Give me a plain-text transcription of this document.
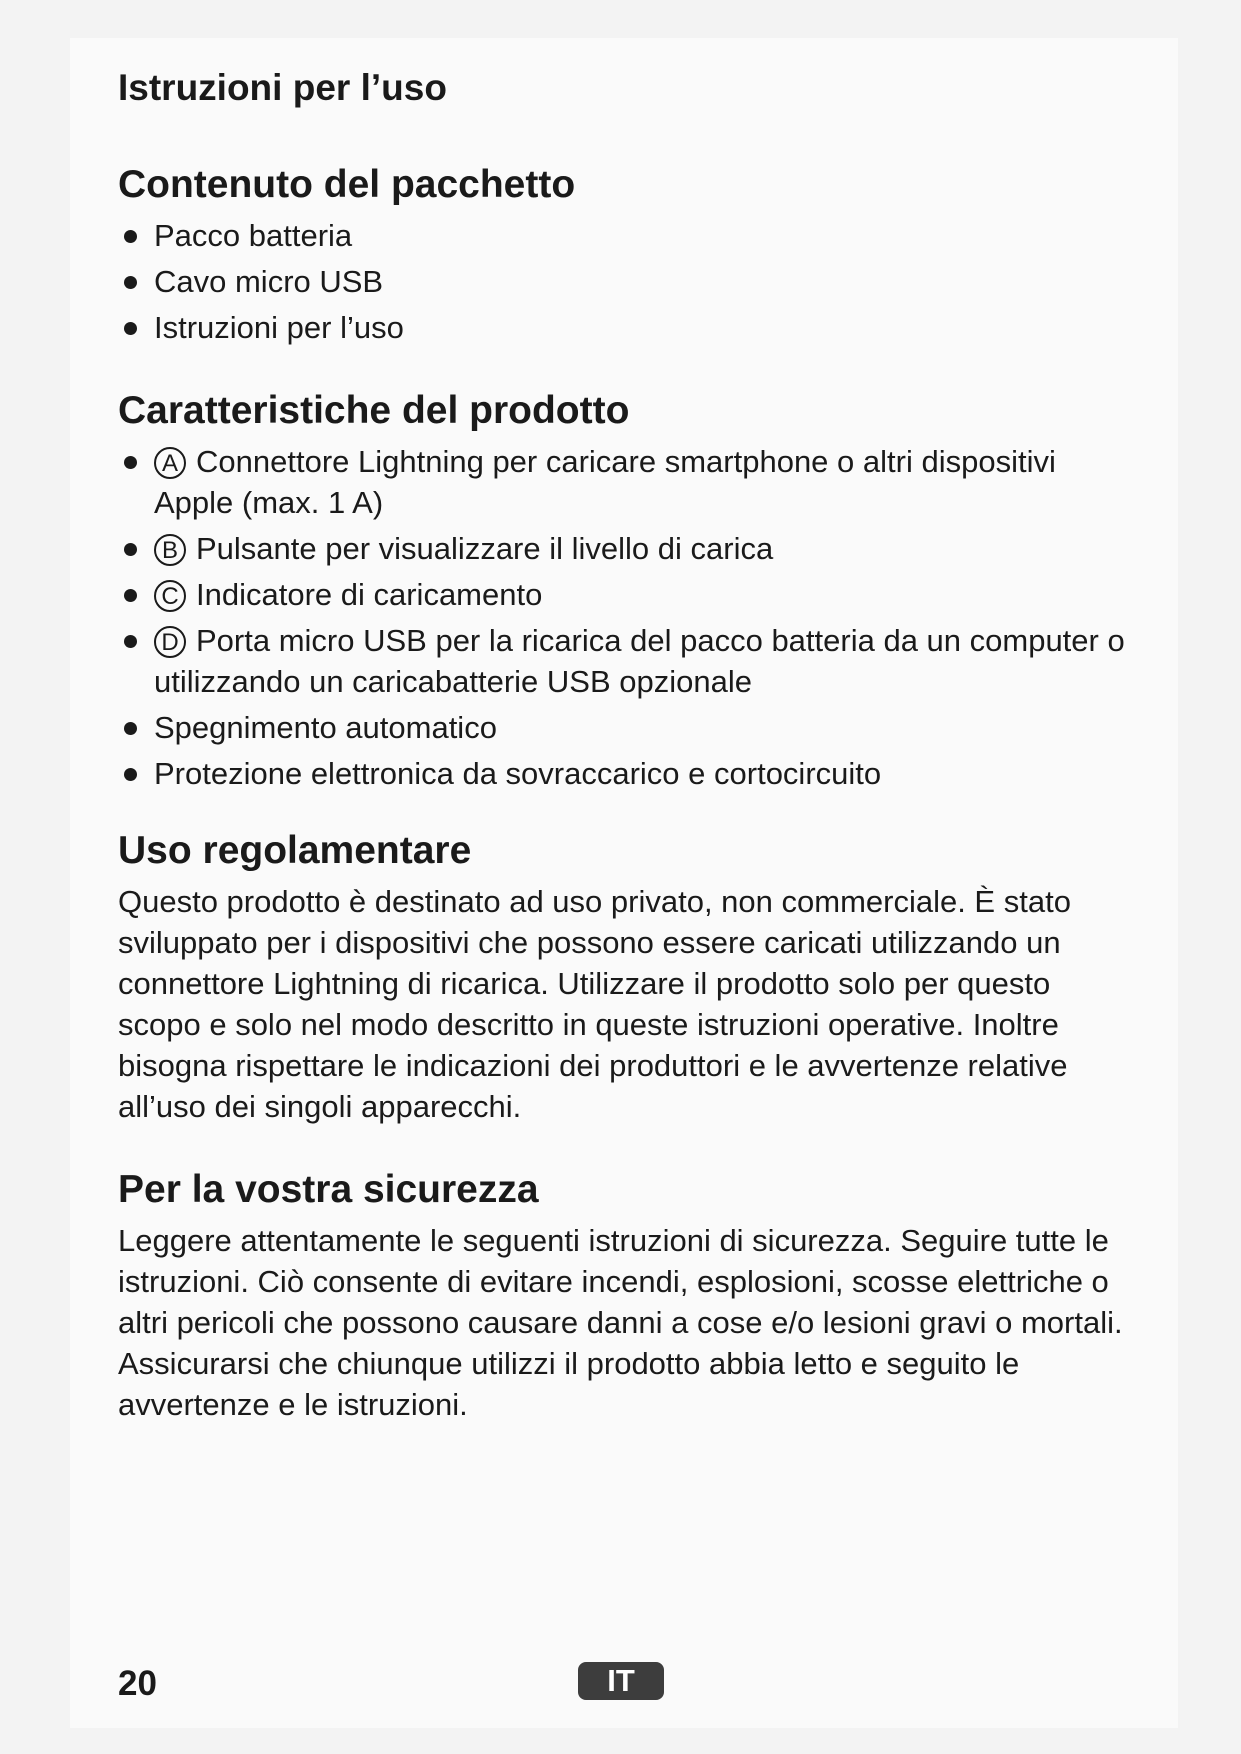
Istruzioni per l’uso
Contenuto del pacchetto
Pacco batteria
Cavo micro USB
Istruzioni per l’uso
Caratteristiche del prodotto
A Connettore Lightning per caricare smartphone o altri dispositivi Apple (max. 1 A)
B Pulsante per visualizzare il livello di carica
C Indicatore di caricamento
D Porta micro USB per la ricarica del pacco batteria da un computer o utilizzando un caricabatterie USB opzionale
Spegnimento automatico
Protezione elettronica da sovraccarico e cortocircuito
Uso regolamentare

Questo prodotto è destinato ad uso privato, non commerciale. È stato sviluppato per i dispositivi che possono essere caricati utilizzando un connettore Lightning di ricarica. Utilizzare il prodotto solo per questo scopo e solo nel modo descritto in queste istruzioni operative. Inoltre bisogna rispettare le indicazioni dei produttori e le avvertenze relative all’uso dei singoli apparecchi.

Per la vostra sicurezza

Leggere attentamente le seguenti istruzioni di sicurezza. Seguire tutte le istruzioni. Ciò consente di evitare incendi, esplosioni, scosse elettriche o altri pericoli che possono causare danni a cose e/o lesioni gravi o mortali. Assicurarsi che chiunque utilizzi il prodotto abbia letto e seguito le avvertenze e le istruzioni.

20	IT
